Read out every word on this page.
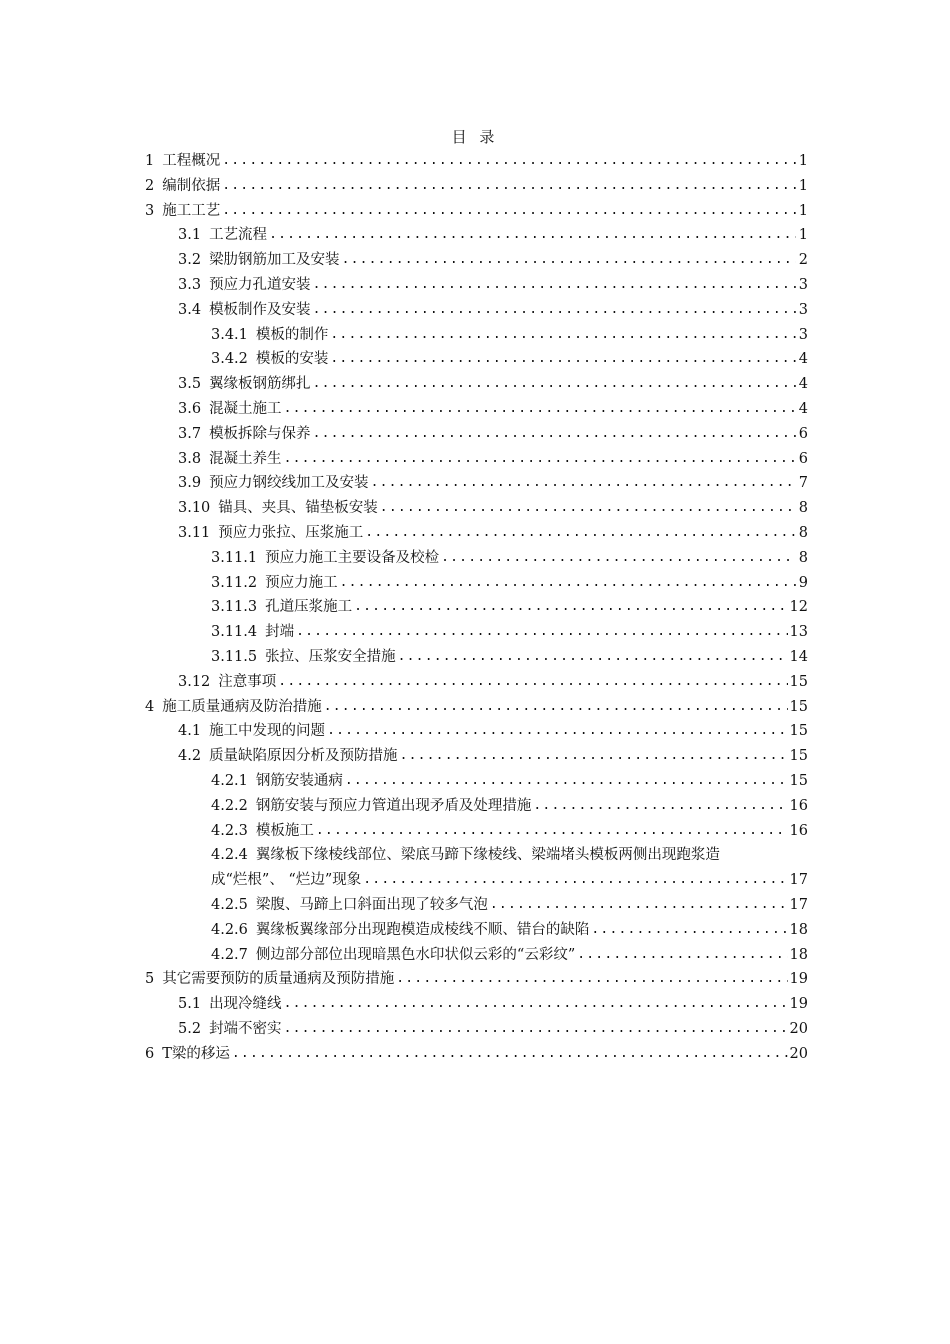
目 录
1 工程概况 .....	1
2 编制依据 .....	1
3 施工工艺 .....	1
3.1 工艺流程 .....	1
3.2 梁肋钢筋加工及安装 .....	2
3.3 预应力孔道安装 .....	3
3.4 模板制作及安装 .....	3
3.4.1 模板的制作 .....	3
3.4.2 模板的安装 .....	4
3.5 翼缘板钢筋绑扎 .....	4
3.6 混凝土施工 .....	4
3.7 模板拆除与保养 .....	6
3.8 混凝土养生 .....	6
3.9 预应力钢绞线加工及安装 .....	7
3.10 锚具、夹具、锚垫板安装 .....	8
3.11 预应力张拉、压浆施工 .....	8
3.11.1 预应力施工主要设备及校检 .....	8
3.11.2 预应力施工 .....	9
3.11.3 孔道压浆施工 .....	12
3.11.4 封端 .....	13
3.11.5 张拉、压浆安全措施 .....	14
3.12 注意事项 .....	15
4 施工质量通病及防治措施 .....	15
4.1 施工中发现的问题 .....	15
4.2 质量缺陷原因分析及预防措施 .....	15
4.2.1 钢筋安装通病 .....	15
4.2.2 钢筋安装与预应力管道出现矛盾及处理措施 .....	16
4.2.3 模板施工 .....	16
4.2.4 翼缘板下缘棱线部位、梁底马蹄下缘棱线、梁端堵头模板两侧出现跑浆造
成“烂根”、 “烂边”现象 .....	17
4.2.5 梁腹、马蹄上口斜面出现了较多气泡 .....	17
4.2.6 翼缘板翼缘部分出现跑模造成棱线不顺、错台的缺陷 .....	18
4.2.7 侧边部分部位出现暗黑色水印状似云彩的“云彩纹” .....	18
5 其它需要预防的质量通病及预防措施 .....	19
5.1 出现冷缝线 .....	19
5.2 封端不密实 .....	20
6 T梁的移运 .....	20
